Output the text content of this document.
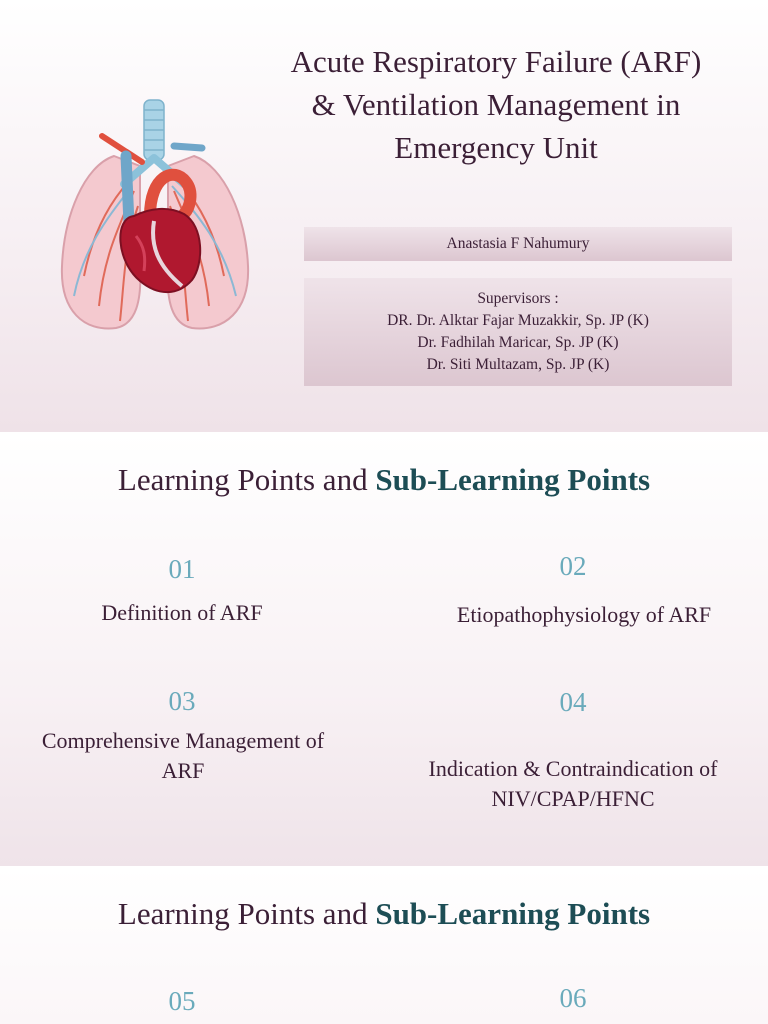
Acute Respiratory Failure (ARF) & Ventilation Management in Emergency Unit
Anastasia F Nahumury
Supervisors :
DR. Dr. Alktar Fajar Muzakkir, Sp. JP (K)
Dr. Fadhilah Maricar, Sp. JP (K)
Dr. Siti Multazam, Sp. JP (K)
Learning Points and Sub-Learning Points
01
Definition of ARF
02
Etiopathophysiology of ARF
03
Comprehensive Management of ARF
04
Indication & Contraindication of NIV/CPAP/HFNC
Learning Points and Sub-Learning Points
05	06
